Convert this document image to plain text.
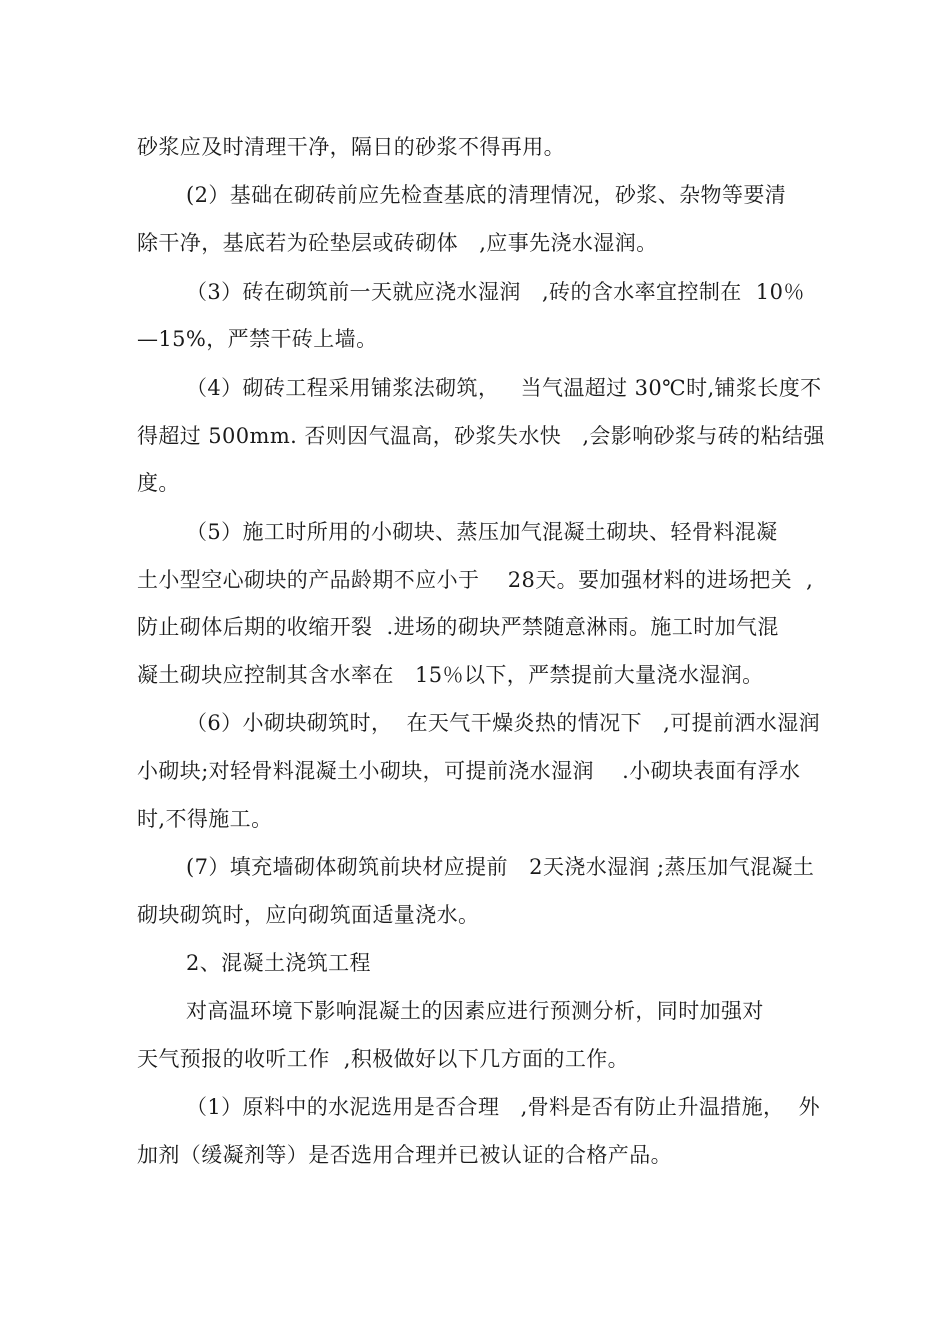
砂浆应及时清理干净，隔日的砂浆不得再用。
(2）基础在砌砖前应先检查基底的清理情况，砂浆、杂物等要清
除干净，基底若为砼垫层或砖砌体   ,应事先浇水湿润。
（3）砖在砌筑前一天就应浇水湿润   ,砖的含水率宜控制在  10％
—15%，严禁干砖上墙。
（4）砌砖工程采用铺浆法砌筑，   当气温超过 30℃时,铺浆长度不
得超过 500mm. 否则因气温高，砂浆失水快   ,会影响砂浆与砖的粘结强
度。
（5）施工时所用的小砌块、蒸压加气混凝土砌块、轻骨料混凝
土小型空心砌块的产品龄期不应小于    28天。要加强材料的进场把关  ,
防止砌体后期的收缩开裂  .进场的砌块严禁随意淋雨。施工时加气混
凝土砌块应控制其含水率在   15％以下，严禁提前大量浇水湿润。
（6）小砌块砌筑时，  在天气干燥炎热的情况下   ,可提前洒水湿润
小砌块;对轻骨料混凝土小砌块，可提前浇水湿润    .小砌块表面有浮水
时,不得施工。
(7）填充墙砌体砌筑前块材应提前   2天浇水湿润 ;蒸压加气混凝土
砌块砌筑时，应向砌筑面适量浇水。
2、混凝土浇筑工程
对高温环境下影响混凝土的因素应进行预测分析，同时加强对
天气预报的收听工作  ,积极做好以下几方面的工作。
（1）原料中的水泥选用是否合理   ,骨料是否有防止升温措施，  外
加剂（缓凝剂等）是否选用合理并已被认证的合格产品。
